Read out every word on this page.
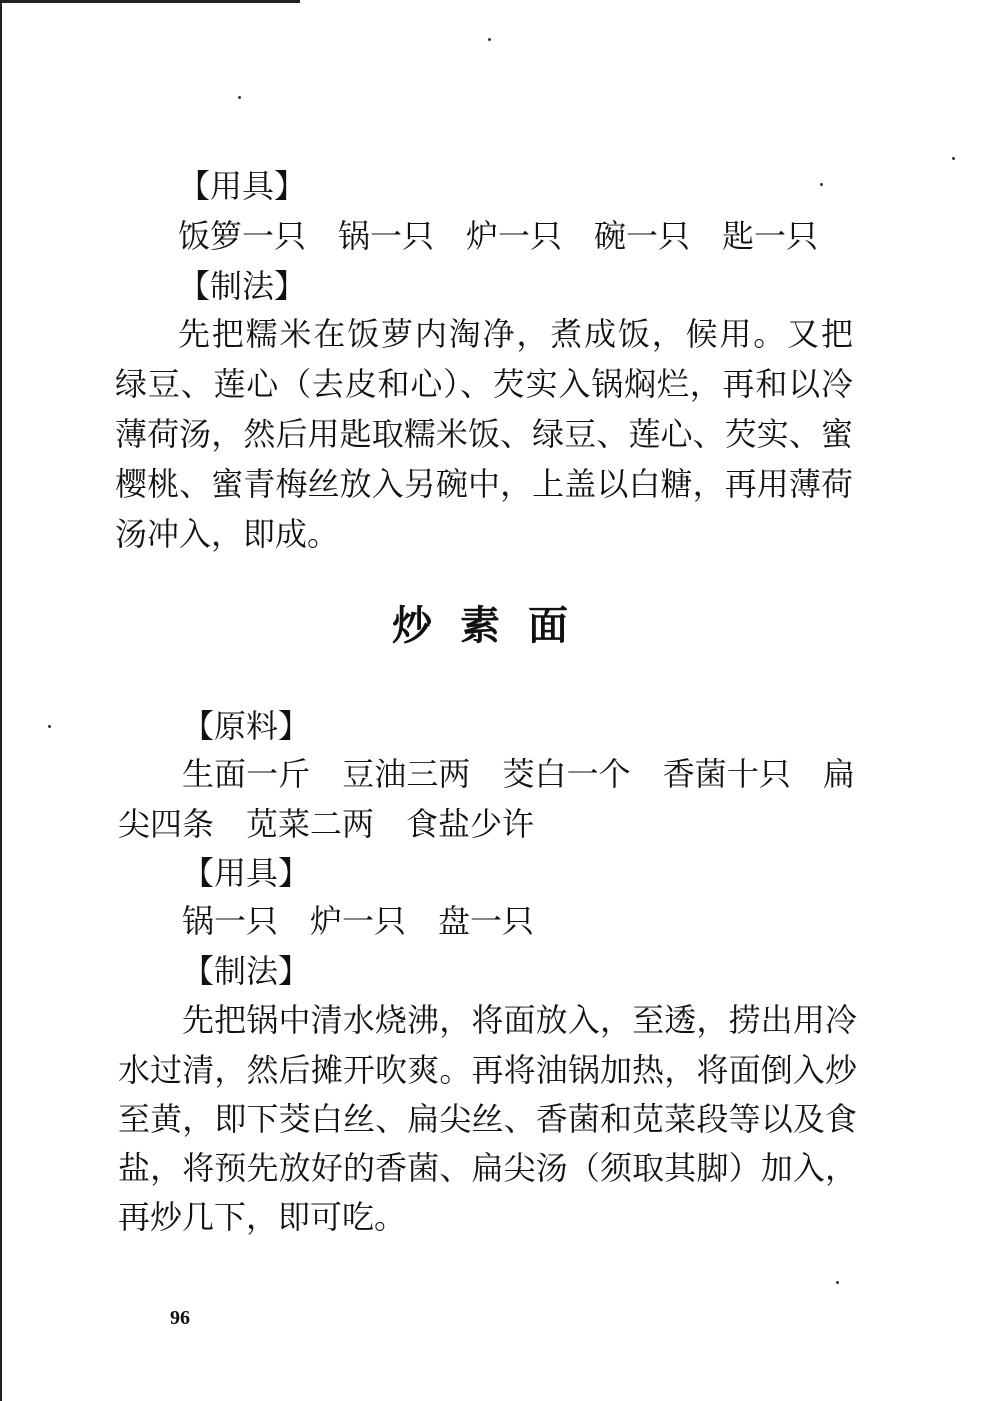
【用具】
饭箩一只　锅一只　炉一只　碗一只　匙一只
【制法】
先把糯米在饭萝内淘净，煮成饭，候用。又把
绿豆、莲心（去皮和心）、芡实入锅焖烂，再和以冷
薄荷汤，然后用匙取糯米饭、绿豆、莲心、芡实、蜜
樱桃、蜜青梅丝放入另碗中，上盖以白糖，再用薄荷
汤冲入，即成。
炒素面
【原料】
生面一斤　豆油三两　茭白一个　香菌十只　扁
尖四条　苋菜二两　食盐少许
【用具】
锅一只　炉一只　盘一只
【制法】
先把锅中清水烧沸，将面放入，至透，捞出用冷
水过清，然后摊开吹爽。再将油锅加热，将面倒入炒
至黄，即下茭白丝、扁尖丝、香菌和苋菜段等以及食
盐，将预先放好的香菌、扁尖汤（须取其脚）加入，
再炒几下，即可吃。
96
